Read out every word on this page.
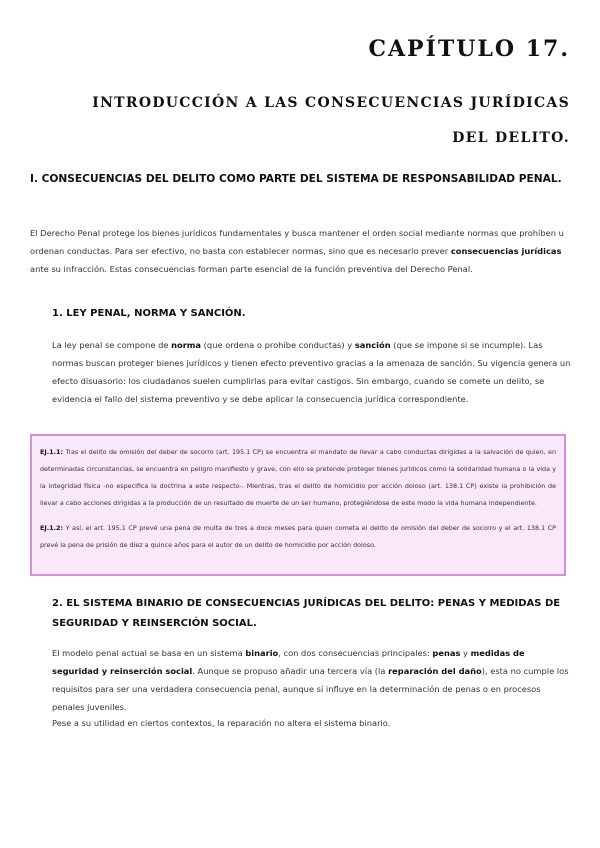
CAPÍTULO 17.
INTRODUCCIÓN A LAS CONSECUENCIAS JURÍDICAS
DEL DELITO.
I. CONSECUENCIAS DEL DELITO COMO PARTE DEL SISTEMA DE RESPONSABILIDAD PENAL.

El Derecho Penal protege los bienes jurídicos fundamentales y busca mantener el orden social mediante normas que prohíben u ordenan conductas. Para ser efectivo, no basta con establecer normas, sino que es necesario prever consecuencias jurídicas ante su infracción. Estas consecuencias forman parte esencial de la función preventiva del Derecho Penal.

1. LEY PENAL, NORMA Y SANCIÓN.

La ley penal se compone de norma (que ordena o prohíbe conductas) y sanción (que se impone si se incumple). Las normas buscan proteger bienes jurídicos y tienen efecto preventivo gracias a la amenaza de sanción. Su vigencia genera un efecto disuasorio: los ciudadanos suelen cumplirlas para evitar castigos. Sin embargo, cuando se comete un delito, se evidencia el fallo del sistema preventivo y se debe aplicar la consecuencia jurídica correspondiente.

EJ.1.1: Tras el delito de omisión del deber de socorro (art. 195.1 CP) se encuentra el mandato de llevar a cabo conductas dirigidas a la salvación de quien, en determinadas circunstancias, se encuentra en peligro manifiesto y grave, con ello se pretende proteger bienes jurídicos como la solidaridad humana o la vida y la integridad física -no especifica la doctrina a este respecto-. Mientras, tras el delito de homicidio por acción doloso (art. 138.1 CP) existe la prohibición de llevar a cabo acciones dirigidas a la producción de un resultado de muerte de un ser humano, protegiéndose de este modo la vida humana independiente.

EJ.1.2: Y así, el art. 195.1 CP prevé una pena de multa de tres a doce meses para quien cometa el delito de omisión del deber de socorro y el art. 138.1 CP prevé la pena de prisión de diez a quince años para el autor de un delito de homicidio por acción doloso.

2. EL SISTEMA BINARIO DE CONSECUENCIAS JURÍDICAS DEL DELITO: PENAS Y MEDIDAS DE SEGURIDAD Y REINSERCIÓN SOCIAL.

El modelo penal actual se basa en un sistema binario, con dos consecuencias principales: penas y medidas de seguridad y reinserción social. Aunque se propuso añadir una tercera vía (la reparación del daño), esta no cumple los requisitos para ser una verdadera consecuencia penal, aunque sí influye en la determinación de penas o en procesos penales juveniles.

Pese a su utilidad en ciertos contextos, la reparación no altera el sistema binario.
